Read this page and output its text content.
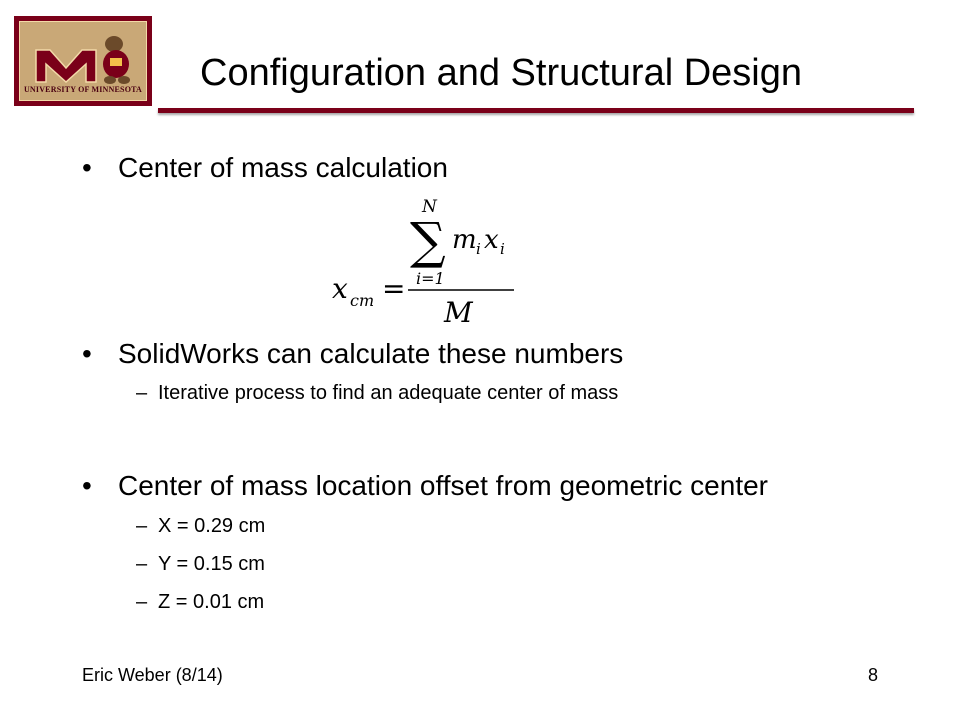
UNIVERSITY OF MINNESOTA Configuration and Structural Design
• Center of mass calculation
N
∑
i=1
m i x i
M
x cm =
• SolidWorks can calculate these numbers
– Iterative process to find an adequate center of mass
• Center of mass location offset from geometric center
– X = 0.29 cm
– Y = 0.15 cm
– Z = 0.01 cm
Eric Weber (8/14)	8
